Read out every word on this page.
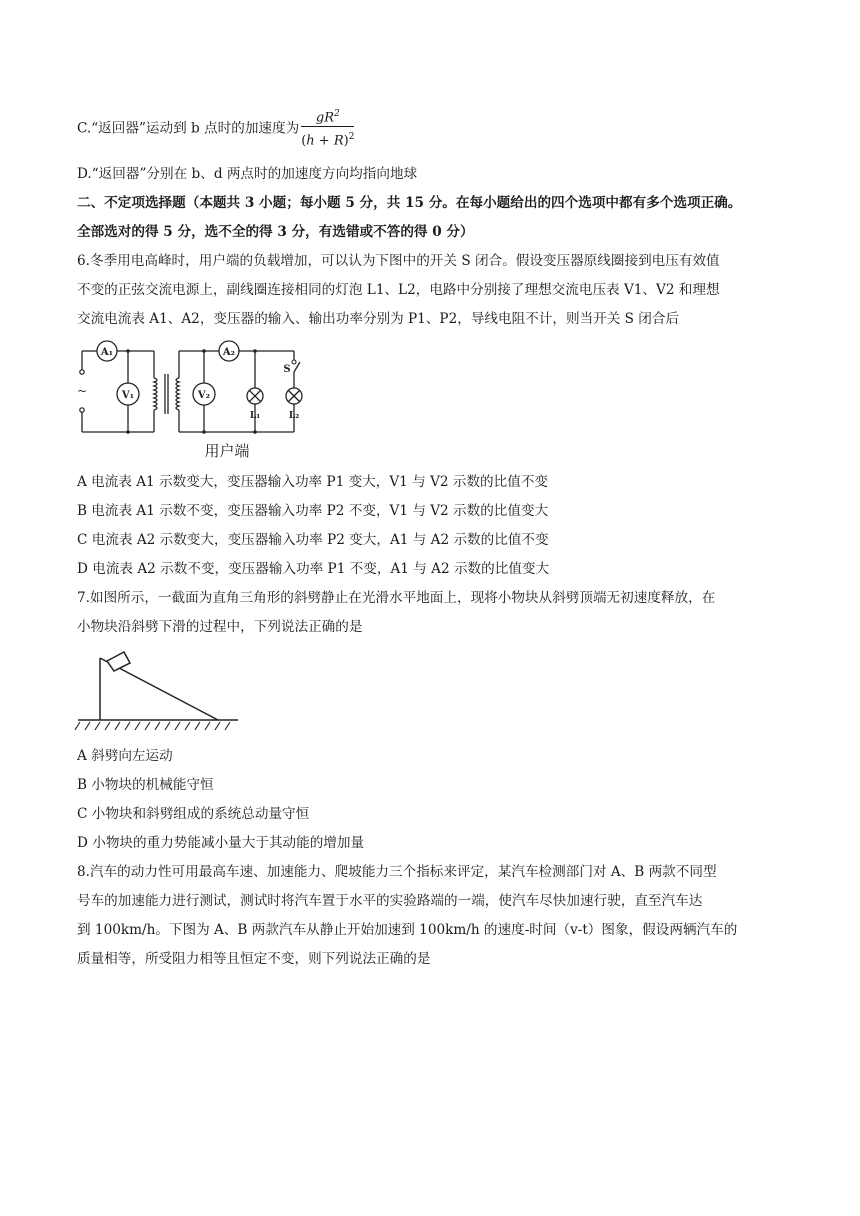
C.“返回器”运动到 b 点时的加速度为 $\frac{gR^2}{(h + R)^2}$
D.“返回器”分别在 b、d 两点时的加速度方向均指向地球
二、不定项选择题（本题共 3 小题；每小题 5 分，共 15 分。在每小题给出的四个选项中都有多个选项正确。
全部选对的得 5 分，选不全的得 3 分，有选错或不答的得 0 分）
6.冬季用电高峰时，用户端的负载增加，可以认为下图中的开关 S 闭合。假设变压器原线圈接到电压有效值
不变的正弦交流电源上，副线圈连接相同的灯泡 L1、L2，电路中分别接了理想交流电压表 V1、V2 和理想
交流电流表 A1、A2，变压器的输入、输出功率分别为 P1、P2，导线电阻不计，则当开关 S 闭合后
A₁	A₂
V₁	V₂
L₁	L₂
S
~
用户端
A 电流表 A1 示数变大，变压器输入功率 P1 变大，V1 与 V2 示数的比值不变
B 电流表 A1 示数不变，变压器输入功率 P2 不变，V1 与 V2 示数的比值变大
C 电流表 A2 示数变大，变压器输入功率 P2 变大，A1 与 A2 示数的比值不变
D 电流表 A2 示数不变，变压器输入功率 P1 不变，A1 与 A2 示数的比值变大
7.如图所示，一截面为直角三角形的斜劈静止在光滑水平地面上，现将小物块从斜劈顶端无初速度释放，在
小物块沿斜劈下滑的过程中，下列说法正确的是
A 斜劈向左运动
B 小物块的机械能守恒
C 小物块和斜劈组成的系统总动量守恒
D 小物块的重力势能减小量大于其动能的增加量
8.汽车的动力性可用最高车速、加速能力、爬坡能力三个指标来评定，某汽车检测部门对 A、B 两款不同型
号车的加速能力进行测试，测试时将汽车置于水平的实验路端的一端，使汽车尽快加速行驶，直至汽车达
到 100km/h。下图为 A、B 两款汽车从静止开始加速到 100km/h 的速度-时间（v-t）图象，假设两辆汽车的
质量相等，所受阻力相等且恒定不变，则下列说法正确的是
